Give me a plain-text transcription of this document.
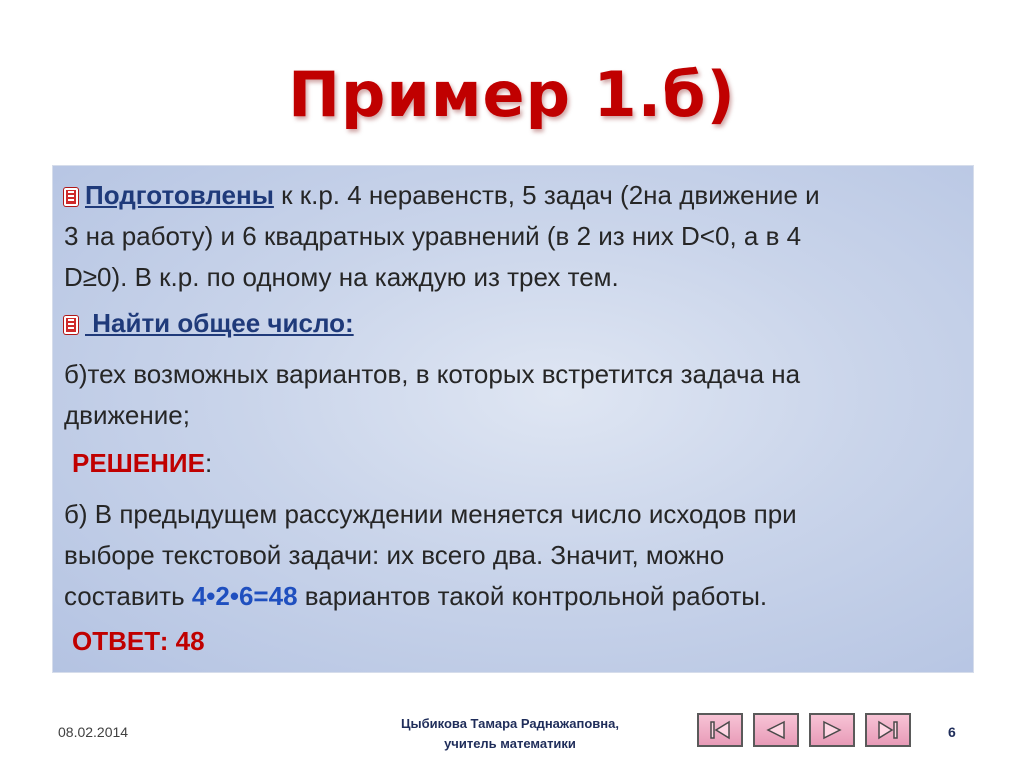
Пример 1.б)
Подготовлены к к.р. 4 неравенств, 5 задач (2на движение и
3 на работу) и 6 квадратных уравнений (в 2 из них D<0, а в 4
D≥0). В к.р. по одному на каждую из трех тем.
Найти общее число:
б)тех возможных вариантов, в которых встретится задача на
движение;
РЕШЕНИЕ:
б) В предыдущем рассуждении меняется число исходов при
выборе текстовой задачи: их всего два. Значит, можно
составить 4•2•6=48 вариантов такой контрольной работы.
ОТВЕТ: 48
08.02.2014
Цыбикова Тамара Раднажаповна,
учитель математики
6
